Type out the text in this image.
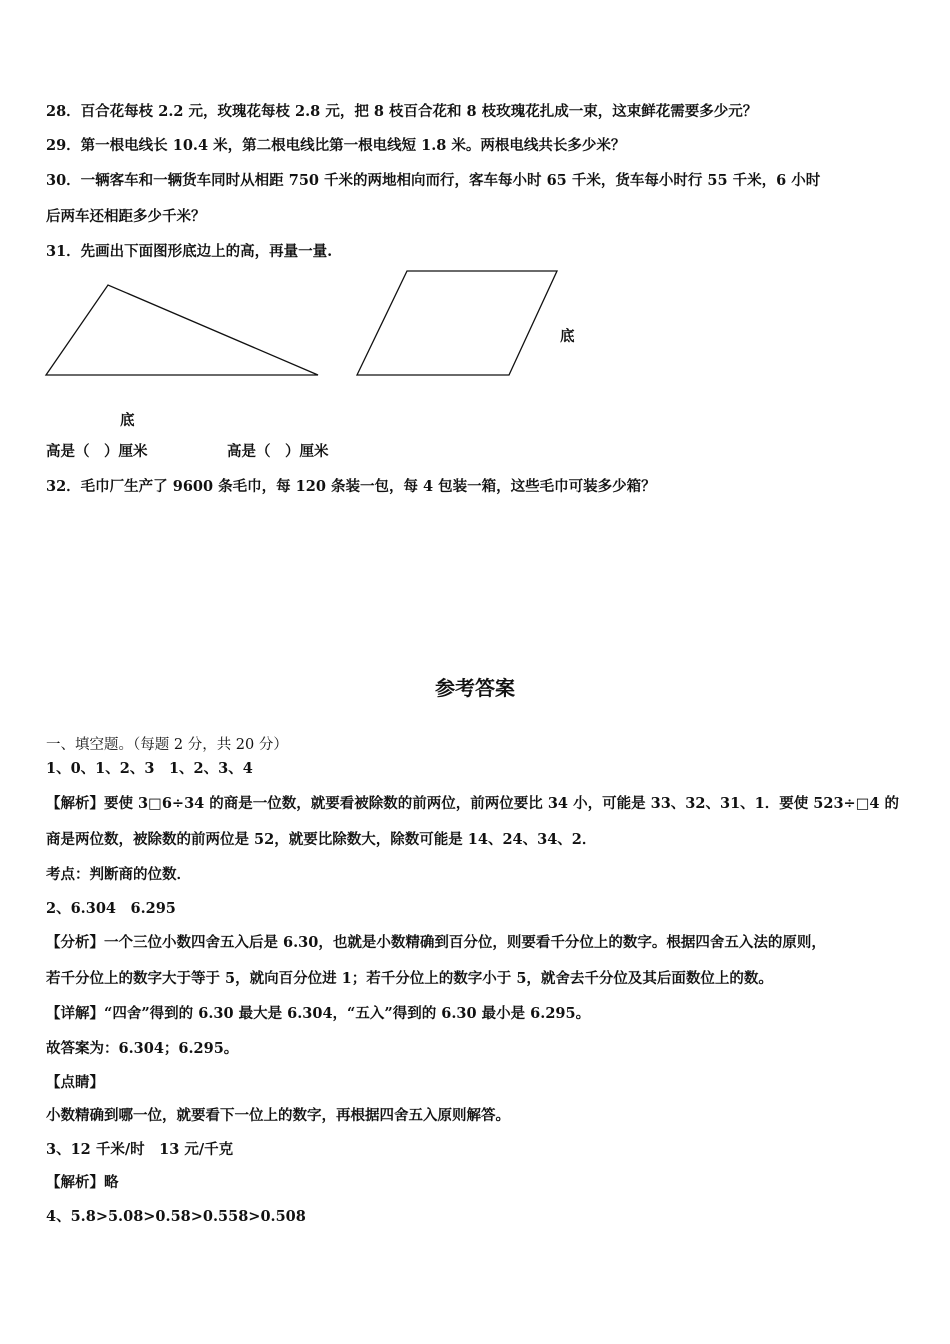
28．百合花每枝 2.2 元，玫瑰花每枝 2.8 元，把 8 枝百合花和 8 枝玫瑰花扎成一束，这束鲜花需要多少元？
29．第一根电线长 10.4 米，第二根电线比第一根电线短 1.8 米。两根电线共长多少米？
30．一辆客车和一辆货车同时从相距 750 千米的两地相向而行，客车每小时 65 千米，货车每小时行 55 千米，6 小时
后两车还相距多少千米？
31．先画出下面图形底边上的高，再量一量.
底
底
高是（　）厘米	高是（　）厘米
32．毛巾厂生产了 9600 条毛巾，每 120 条装一包，每 4 包装一箱，这些毛巾可装多少箱？
参考答案
一、填空题。（每题 2 分，共 20 分）
1、0、1、2、3　1、2、3、4
【解析】要使 3□6÷34 的商是一位数，就要看被除数的前两位，前两位要比 34 小，可能是 33、32、31、1．要使 523÷□4 的
商是两位数，被除数的前两位是 52，就要比除数大，除数可能是 14、24、34、2．
考点：判断商的位数．
2、6.304　6.295
【分析】一个三位小数四舍五入后是 6.30，也就是小数精确到百分位，则要看千分位上的数字。根据四舍五入法的原则，
若千分位上的数字大于等于 5，就向百分位进 1；若千分位上的数字小于 5，就舍去千分位及其后面数位上的数。
【详解】“四舍”得到的 6.30 最大是 6.304，“五入”得到的 6.30 最小是 6.295。
故答案为：6.304；6.295。
【点睛】
小数精确到哪一位，就要看下一位上的数字，再根据四舍五入原则解答。
3、12 千米/时　13 元/千克
【解析】略
4、5.8>5.08>0.58>0.558>0.508
